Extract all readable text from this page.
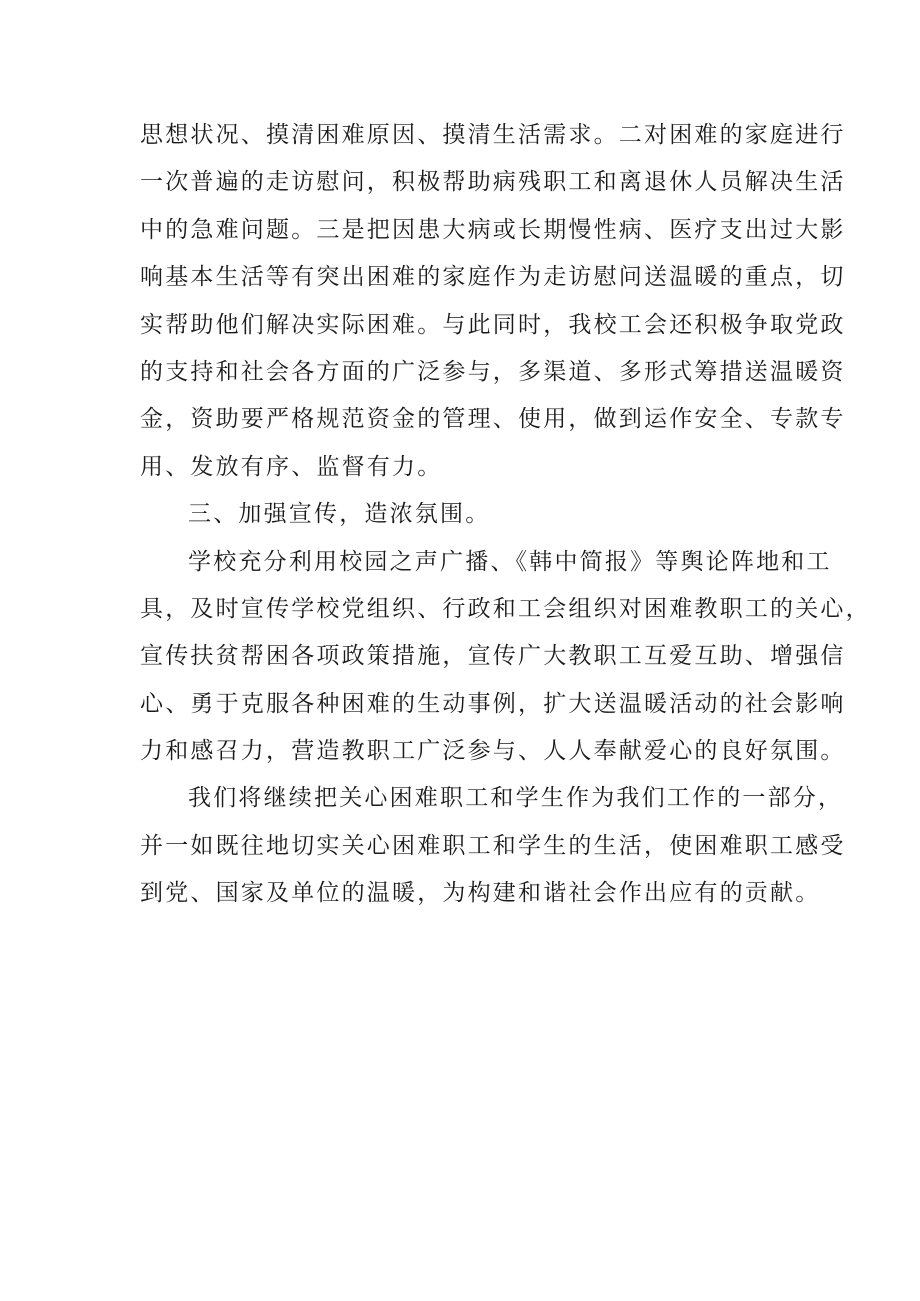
思想状况、摸清困难原因、摸清生活需求。二对困难的家庭进行
一次普遍的走访慰问，积极帮助病残职工和离退休人员解决生活
中的急难问题。三是把因患大病或长期慢性病、医疗支出过大影
响基本生活等有突出困难的家庭作为走访慰问送温暖的重点，切
实帮助他们解决实际困难。与此同时，我校工会还积极争取党政
的支持和社会各方面的广泛参与，多渠道、多形式筹措送温暖资
金，资助要严格规范资金的管理、使用，做到运作安全、专款专
用、发放有序、监督有力。
三、加强宣传，造浓氛围。
学校充分利用校园之声广播、《韩中简报》等舆论阵地和工
具，及时宣传学校党组织、行政和工会组织对困难教职工的关心，
宣传扶贫帮困各项政策措施，宣传广大教职工互爱互助、增强信
心、勇于克服各种困难的生动事例，扩大送温暖活动的社会影响
力和感召力，营造教职工广泛参与、人人奉献爱心的良好氛围。
我们将继续把关心困难职工和学生作为我们工作的一部分，
并一如既往地切实关心困难职工和学生的生活，使困难职工感受
到党、国家及单位的温暖，为构建和谐社会作出应有的贡献。
